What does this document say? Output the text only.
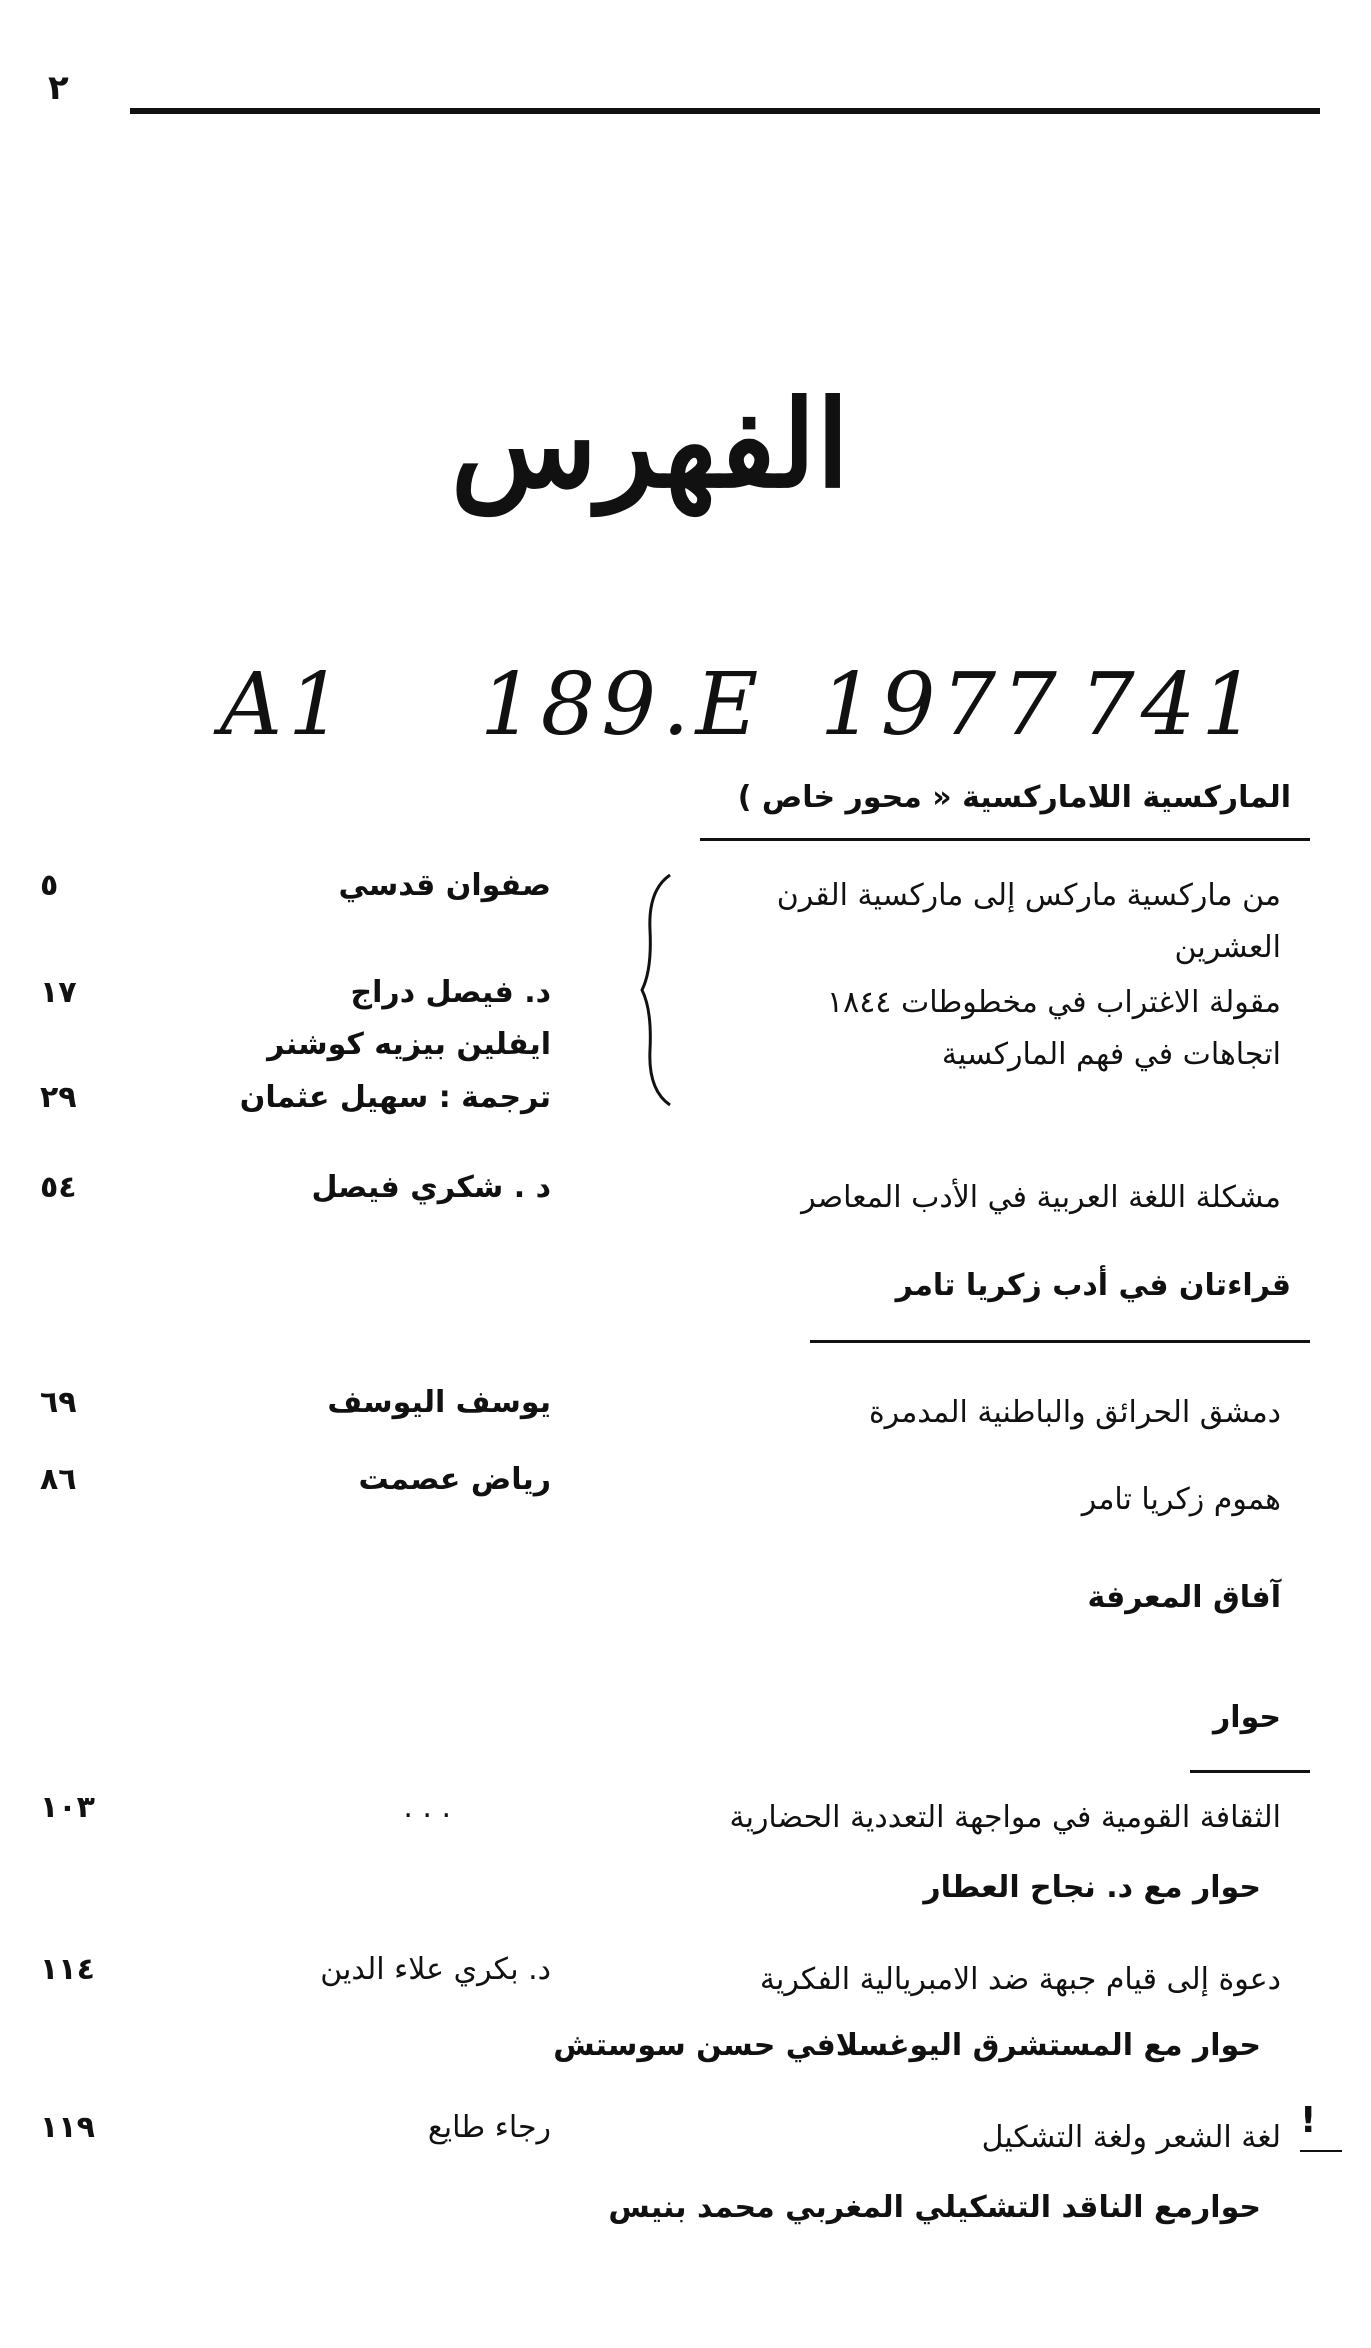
٢
الفهرس
A1 189.E 1977 741
الماركسية اللاماركسية « محور خاص )
من ماركسية ماركس إلى ماركسية القرن
العشرين
صفوان قدسي
٥
مقولة الاغتراب في مخطوطات ١٨٤٤
د. فيصل دراج
١٧
اتجاهات في فهم الماركسية
ايفلين بيزيه كوشنر
ترجمة : سهيل عثمان
٢٩
مشكلة اللغة العربية في الأدب المعاصر
د . شكري فيصل
٥٤
قراءتان في أدب زكريا تامر
دمشق الحرائق والباطنية المدمرة
يوسف اليوسف
٦٩
هموم زكريا تامر
رياض عصمت
٨٦
آفاق المعرفة
حوار
الثقافة القومية في مواجهة التعددية الحضارية
. . .
١٠٣
حوار مع د. نجاح العطار
دعوة إلى قيام جبهة ضد الامبريالية الفكرية
د. بكري علاء الدين
١١٤
حوار مع المستشرق اليوغسلافي حسن سوستش
لغة الشعر ولغة التشكيل
رجاء طايع
١١٩
حوارمع الناقد التشكيلي المغربي محمد بنيس
!
